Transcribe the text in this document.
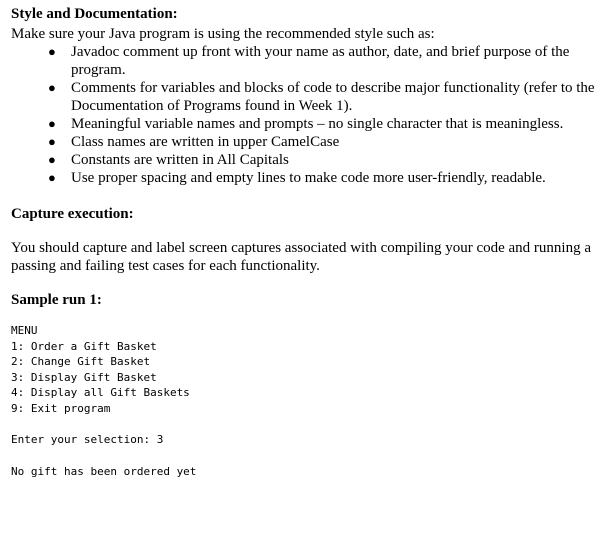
Style and Documentation:

Make sure your Java program is using the recommended style such as:

● Javadoc comment up front with your name as author, date, and brief purpose of the program.
● Comments for variables and blocks of code to describe major functionality (refer to the Documentation of Programs found in Week 1).
● Meaningful variable names and prompts – no single character that is meaningless.
● Class names are written in upper CamelCase
● Constants are written in All Capitals
● Use proper spacing and empty lines to make code more user-friendly, readable.

Capture execution:

You should capture and label screen captures associated with compiling your code and running a passing and failing test cases for each functionality.

Sample run 1:

MENU
1: Order a Gift Basket
2: Change Gift Basket
3: Display Gift Basket
4: Display all Gift Baskets
9: Exit program
Enter your selection: 3
No gift has been ordered yet
